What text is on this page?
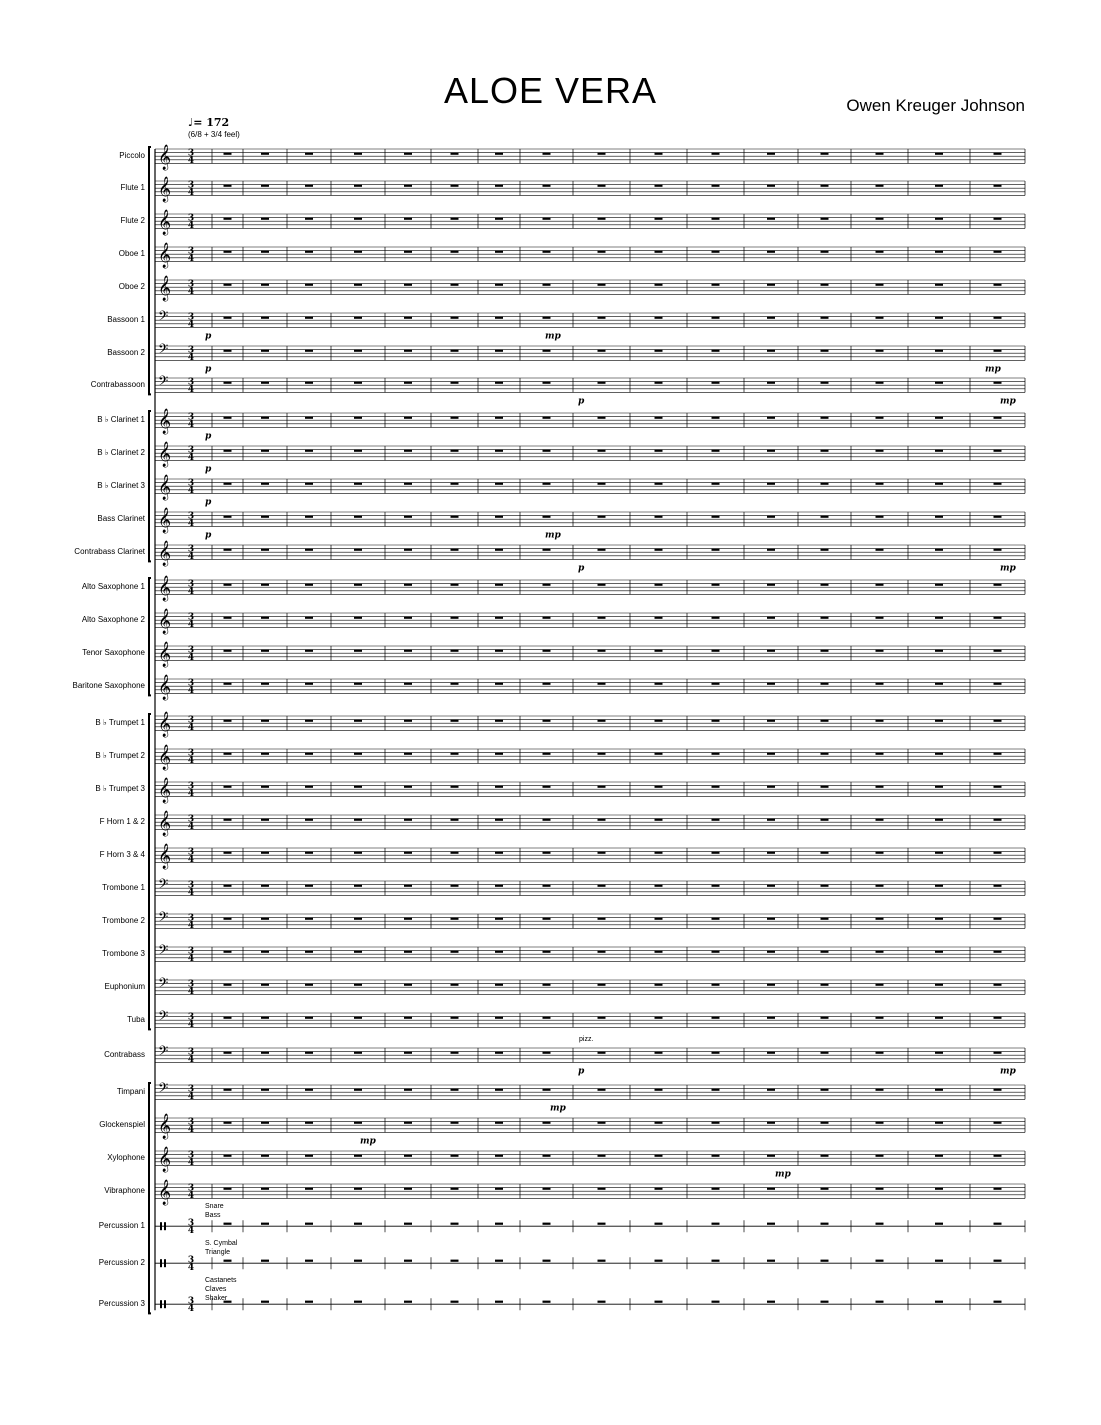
ALOE VERA	Owen Kreuger Johnson
♩= 172
(6/8 + 3/4 feel)
Piccolo
Flute 1
Flute 2
Oboe 1
Oboe 2
Bassoon 1
Bassoon 2
Contrabassoon
B ♭ Clarinet 1
B ♭ Clarinet 2
B ♭ Clarinet 3
Bass Clarinet
Contrabass Clarinet
Alto Saxophone 1
Alto Saxophone 2
Tenor Saxophone
Baritone Saxophone
B ♭ Trumpet 1
B ♭ Trumpet 2
B ♭ Trumpet 3
F Horn 1 & 2
F Horn 3 & 4
Trombone 1
Trombone 2
Trombone 3
Euphonium
Tuba
Contrabass
Timpani
Glockenspiel
Xylophone
Vibraphone
Percussion 1
Percussion 2
Percussion 3
𝄞 3
4
𝄞 3
4
𝄞 3
4
𝄞 3
4
𝄞 3
4
𝄢 3
4
𝄢 3
4
𝄢 3
4
𝄞 3
4
𝄞 3
4
𝄞 3
4
𝄞 3
4
𝄞 3
4
𝄞 3
4
𝄞 3
4
𝄞 3
4
𝄞 3
4
𝄞 3
4
𝄞 3
4
𝄞 3
4
𝄞 3
4
𝄞 3
4
𝄢 3
4
𝄢 3
4
𝄢 3
4
𝄢 3
4
𝄢 3
4
𝄢 3
4
𝄢 3
4
𝄞 3
4
𝄞 3
4
𝄞 3
4
3
4
3
4
3
4
p	mp
p	mp
p	mp
p
p
p
p	mp
p	mp
p	mp
mp
mp
mp
Snare
Bass
S. Cymbal
Triangle
Castanets
Claves
Shaker
pizz.
